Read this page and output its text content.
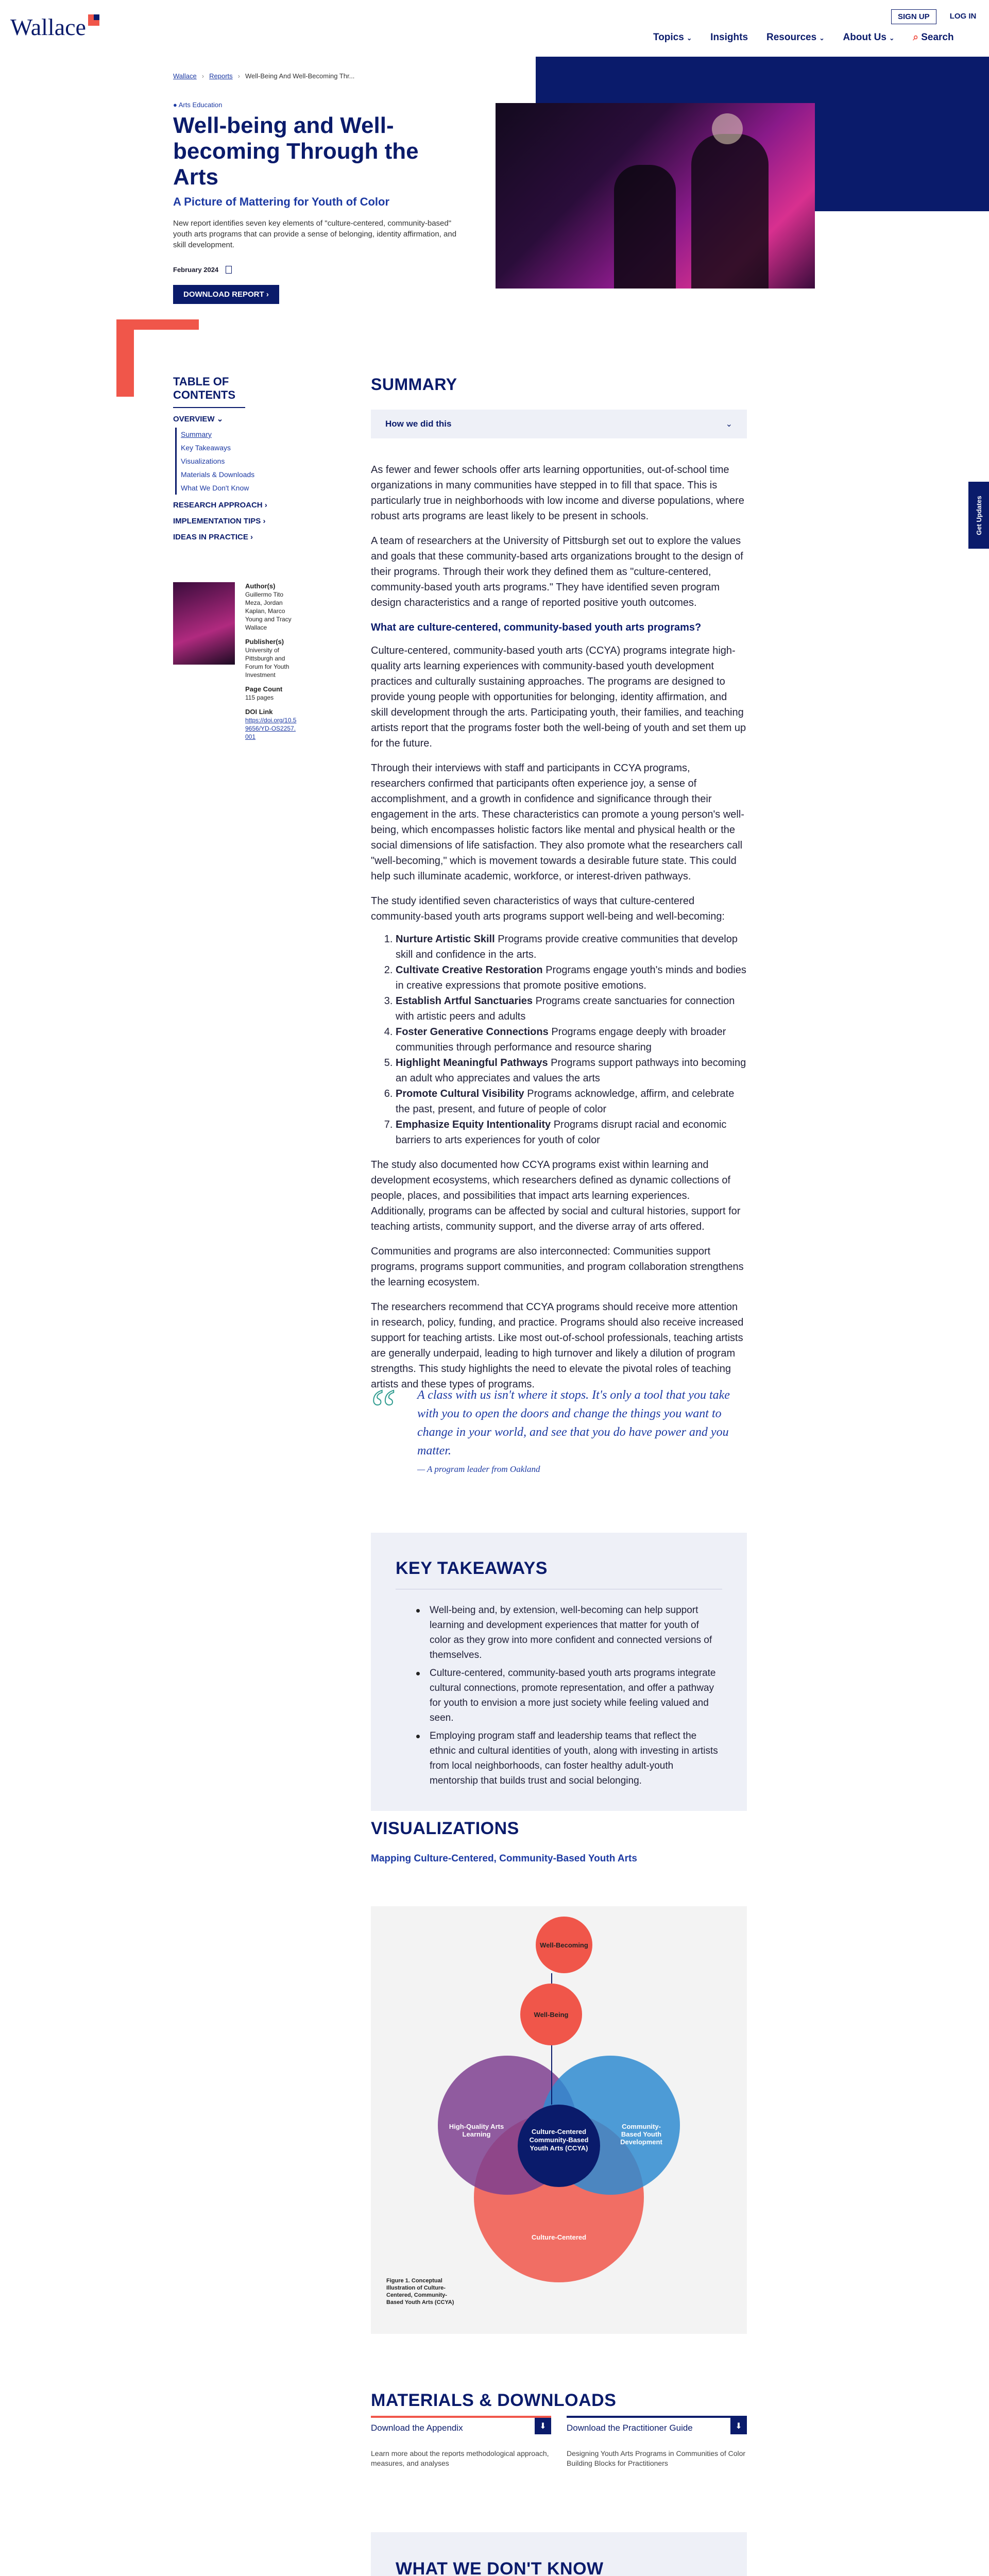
Wallace	SIGN UP	LOG IN
Topics ⌄ Insights Resources ⌄ About Us ⌄ ⌕ Search
Wallace › Reports › Well-Being And Well-Becoming Thr...
● Arts Education
Well-being and Well-becoming Through the Arts
A Picture of Mattering for Youth of Color

New report identifies seven key elements of "culture-centered, community-based" youth arts programs that can provide a sense of belonging, identity affirmation, and skill development.

February 2024
DOWNLOAD REPORT ›
Get Updates
TABLE OF CONTENTS
OVERVIEW ⌄
Summary
Key Takeaways
Visualizations
Materials & Downloads
What We Don't Know
RESEARCH APPROACH ›
IMPLEMENTATION TIPS ›
IDEAS IN PRACTICE ›
Author(s)
Guillermo Tito Meza, Jordan Kaplan, Marco Young and Tracy Wallace
Publisher(s)
University of Pittsburgh and Forum for Youth Investment
Page Count
115 pages
DOI Link
https://doi.org/10.59656/YD-OS2257.001
SUMMARY
How we did this	⌄

As fewer and fewer schools offer arts learning opportunities, out-of-school time organizations in many communities have stepped in to fill that space. This is particularly true in neighborhoods with low income and diverse populations, where robust arts programs are least likely to be present in schools.

A team of researchers at the University of Pittsburgh set out to explore the values and goals that these community-based arts organizations brought to the design of their programs. Through their work they defined them as "culture-centered, community-based youth arts programs." They have identified seven program design characteristics and a range of reported positive youth outcomes.

What are culture-centered, community-based youth arts programs?

Culture-centered, community-based youth arts (CCYA) programs integrate high-quality arts learning experiences with community-based youth development practices and culturally sustaining approaches. The programs are designed to provide young people with opportunities for belonging, identity affirmation, and skill development through the arts. Participating youth, their families, and teaching artists report that the programs foster both the well-being of youth and set them up for the future.

Through their interviews with staff and participants in CCYA programs, researchers confirmed that participants often experience joy, a sense of accomplishment, and a growth in confidence and significance through their engagement in the arts. These characteristics can promote a young person's well-being, which encompasses holistic factors like mental and physical health or the social dimensions of life satisfaction. They also promote what the researchers call "well-becoming," which is movement towards a desirable future state. This could help such illuminate academic, workforce, or interest-driven pathways.

The study identified seven characteristics of ways that culture-centered community-based youth arts programs support well-being and well-becoming:

1. Nurture Artistic Skill Programs provide creative communities that develop skill and confidence in the arts.
2. Cultivate Creative Restoration Programs engage youth's minds and bodies in creative expressions that promote positive emotions.
3. Establish Artful Sanctuaries Programs create sanctuaries for connection with artistic peers and adults
4. Foster Generative Connections Programs engage deeply with broader communities through performance and resource sharing
5. Highlight Meaningful Pathways Programs support pathways into becoming an adult who appreciates and values the arts
6. Promote Cultural Visibility Programs acknowledge, affirm, and celebrate the past, present, and future of people of color
7. Emphasize Equity Intentionality Programs disrupt racial and economic barriers to arts experiences for youth of color

The study also documented how CCYA programs exist within learning and development ecosystems, which researchers defined as dynamic collections of people, places, and possibilities that impact arts learning experiences. Additionally, programs can be affected by social and cultural histories, support for teaching artists, community support, and the diverse array of arts offered.

Communities and programs are also interconnected: Communities support programs, programs support communities, and program collaboration strengthens the learning ecosystem.

The researchers recommend that CCYA programs should receive more attention in research, policy, funding, and practice. Programs should also receive increased support for teaching artists. Like most out-of-school professionals, teaching artists are generally underpaid, leading to high turnover and likely a dilution of program strengths. This study highlights the need to elevate the pivotal roles of teaching artists and these types of programs.

“ A class with us isn't where it stops. It's only a tool that you take with you to open the doors and change the things you want to change in your world, and see that you do have power and you matter.

— A program leader from Oakland

KEY TAKEAWAYS
Well-being and, by extension, well-becoming can help support learning and development experiences that matter for youth of color as they grow into more confident and connected versions of themselves.
Culture-centered, community-based youth arts programs integrate cultural connections, promote representation, and offer a pathway for youth to envision a more just society while feeling valued and seen.
Employing program staff and leadership teams that reflect the ethnic and cultural identities of youth, along with investing in artists from local neighborhoods, can foster healthy adult-youth mentorship that builds trust and social belonging.
VISUALIZATIONS
Mapping Culture-Centered, Community-Based Youth Arts
Well-Becoming
Well-Being
High-Quality Arts Learning
Community-Based Youth Development
Culture-Centered Community-Based Youth Arts (CCYA)
Culture-Centered
Figure 1. Conceptual Illustration of Culture-Centered, Community-Based Youth Arts (CCYA)
MATERIALS & DOWNLOADS
Download the Appendix	⬇
Learn more about the reports methodological approach, measures, and analyses
Download the Practitioner Guide	⬇
Designing Youth Arts Programs in Communities of Color Building Blocks for Practitioners
WHAT WE DON'T KNOW
